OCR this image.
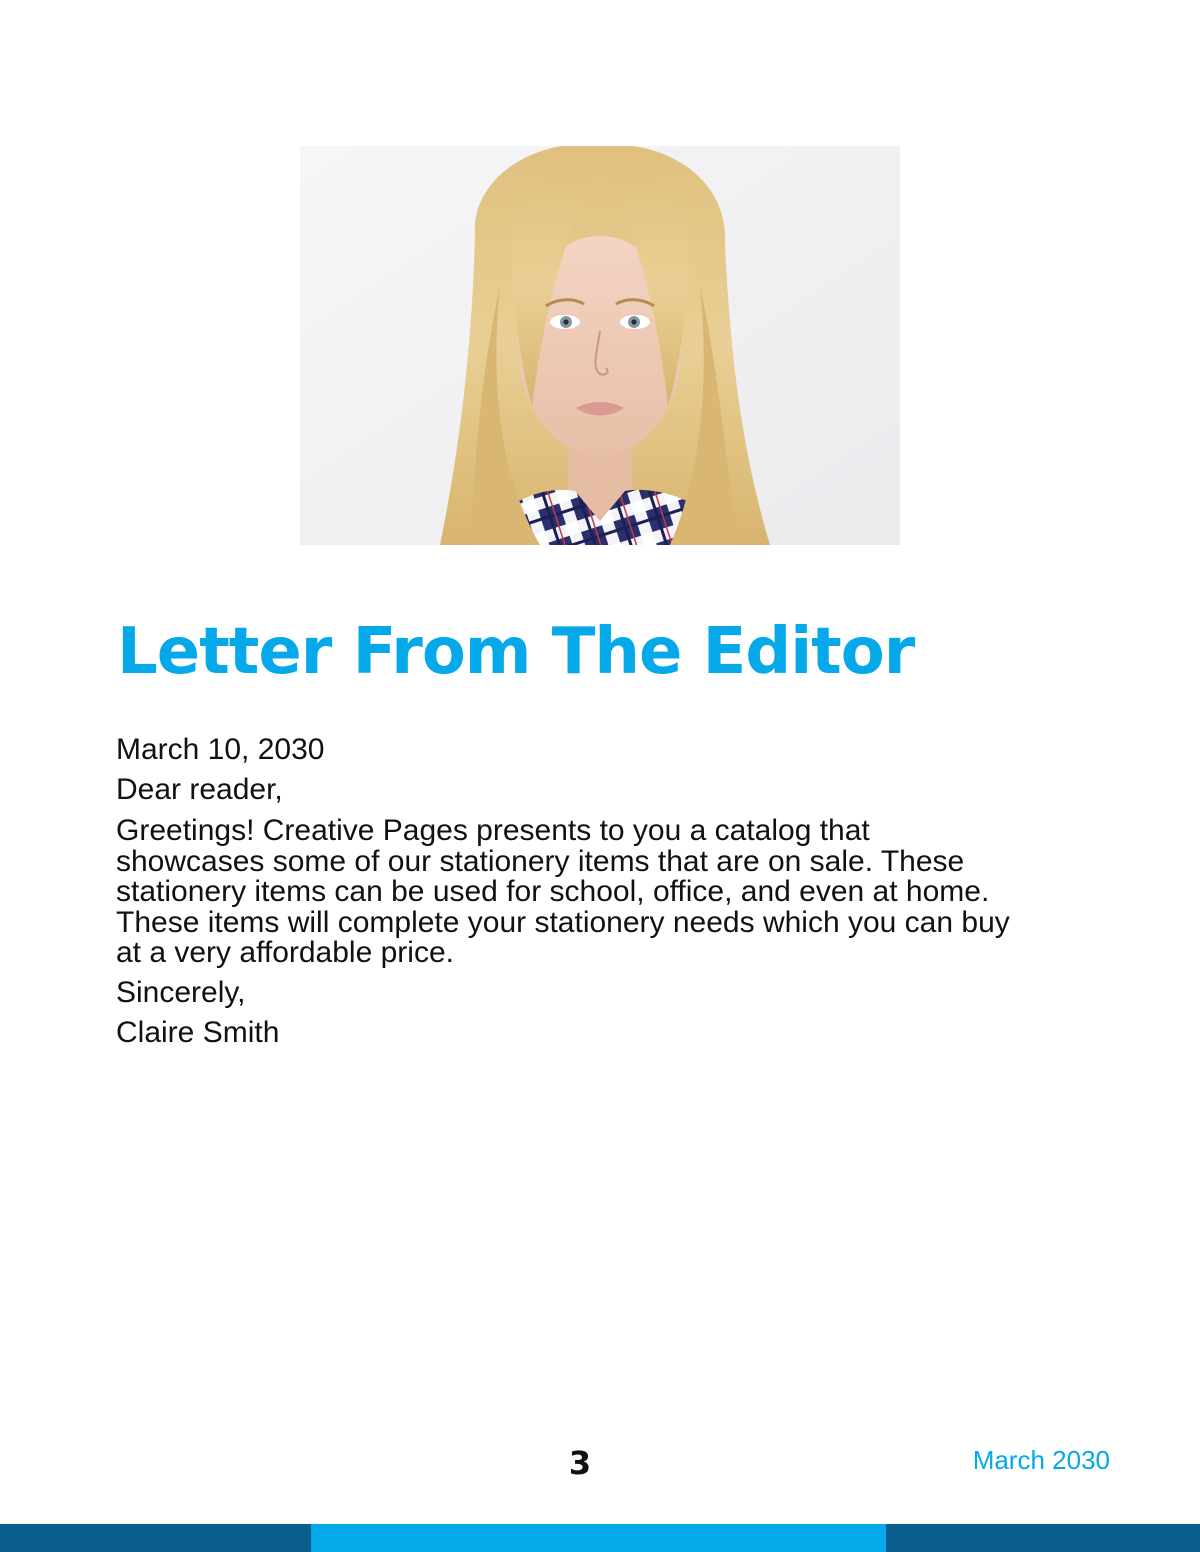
Letter From The Editor
March 10, 2030
Dear reader,
Greetings! Creative Pages presents to you a catalog that showcases some of our stationery items that are on sale. These stationery items can be used for school, office, and even at home. These items will complete your stationery needs which you can buy at a very affordable price.
Sincerely,
Claire Smith
3	March 2030
